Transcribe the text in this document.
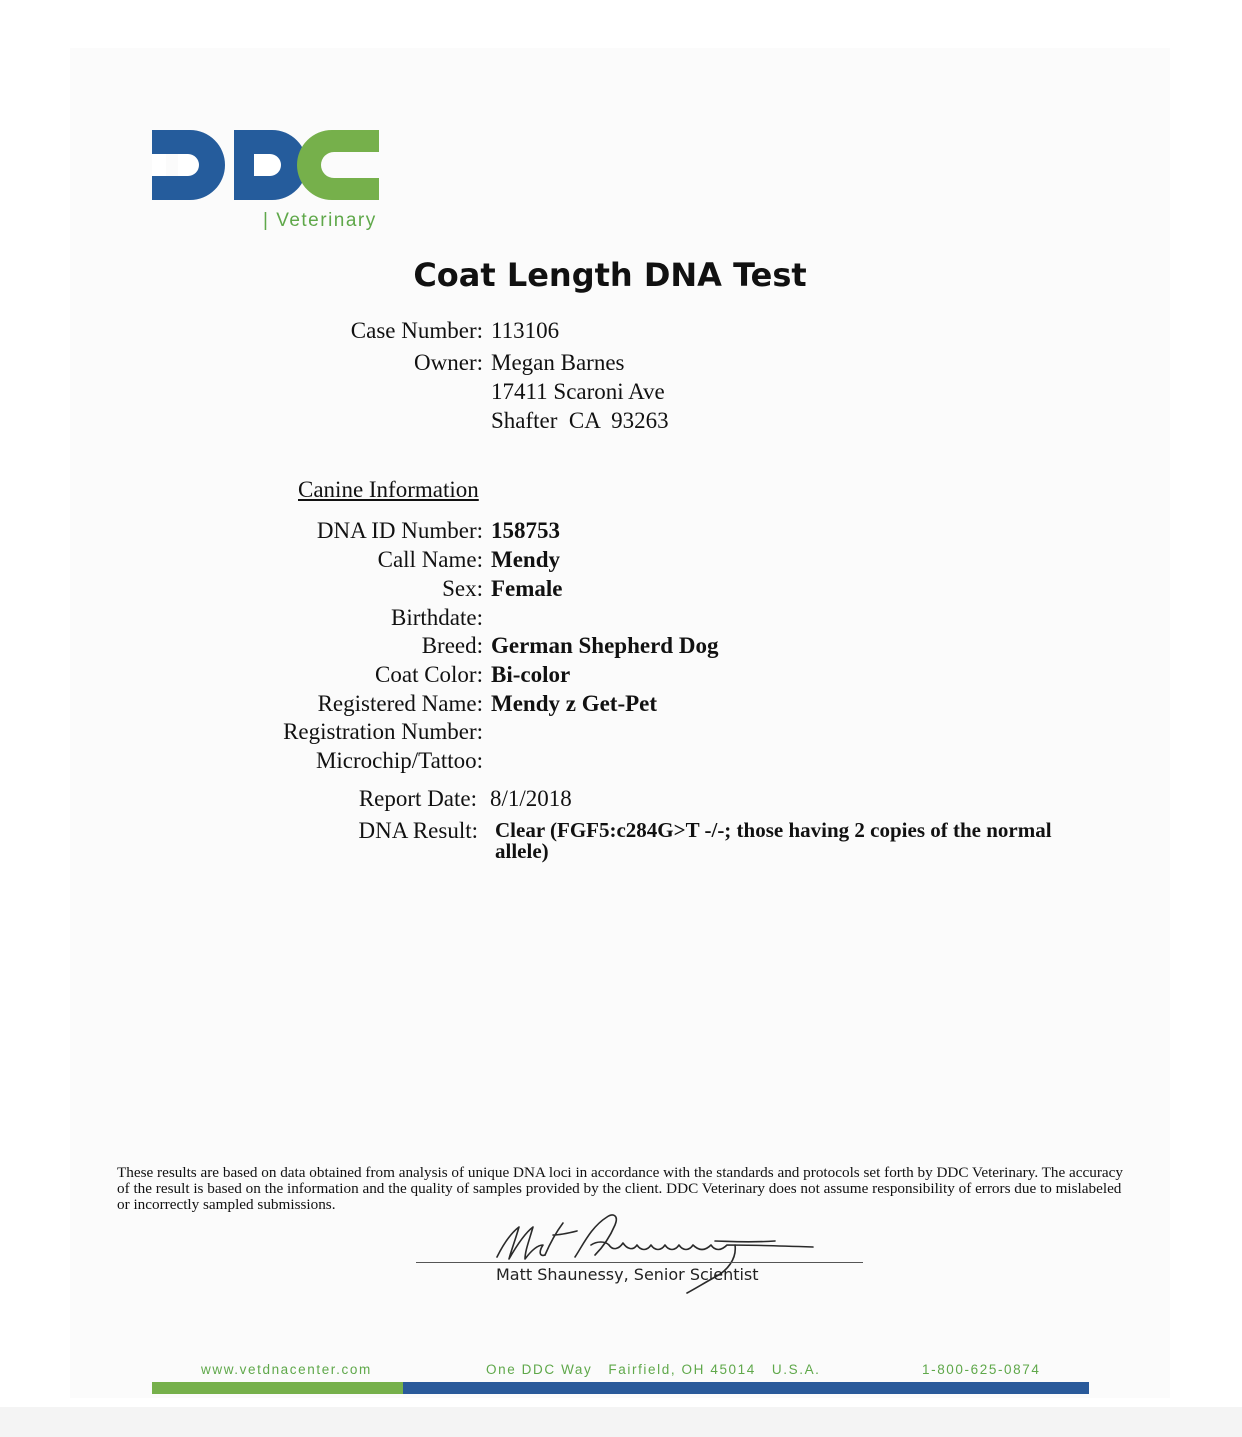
| Veterinary
Coat Length DNA Test
Case Number: 113106
Owner: Megan Barnes
17411 Scaroni Ave
Shafter  CA  93263
Canine Information
DNA ID Number: 158753
Call Name: Mendy
Sex: Female
Birthdate:
Breed: German Shepherd Dog
Coat Color: Bi-color
Registered Name: Mendy z Get-Pet
Registration Number:
Microchip/Tattoo:
Report Date: 8/1/2018
DNA Result: Clear (FGF5:c284G>T -/-; those having 2 copies of the normal allele)
These results are based on data obtained from analysis of unique DNA loci in accordance with the standards and protocols set forth by DDC Veterinary. The accuracy of the result is based on the information and the quality of samples provided by the client. DDC Veterinary does not assume responsibility of errors due to mislabeled or incorrectly sampled submissions.
Matt Shaunessy, Senior Scientist
www.vetdnacenter.com	One DDC Way   Fairfield, OH 45014   U.S.A.	1-800-625-0874
